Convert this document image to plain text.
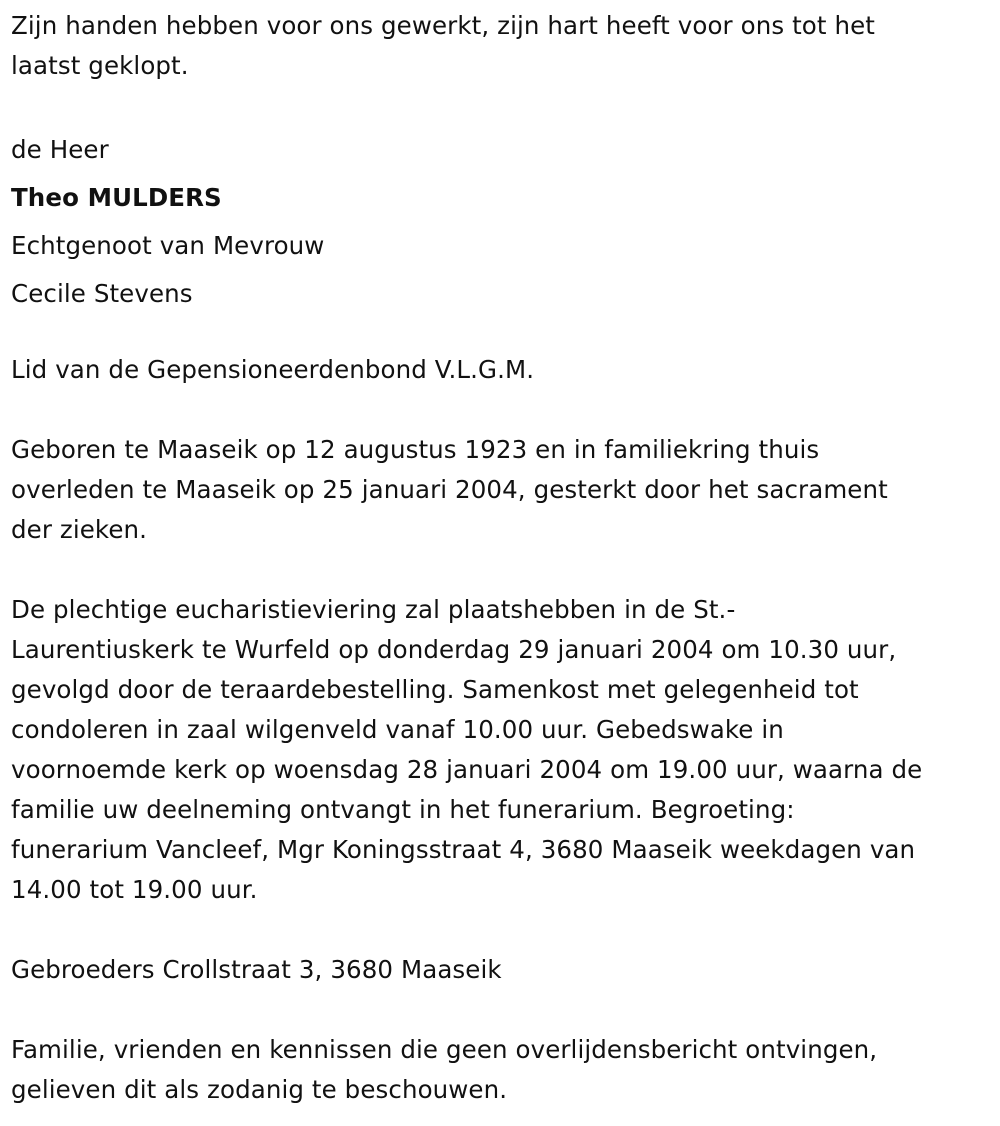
Zijn handen hebben voor ons gewerkt, zijn hart heeft voor ons tot het

laatst geklopt.

de Heer

Theo MULDERS

Echtgenoot van Mevrouw

Cecile Stevens

Lid van de Gepensioneerdenbond V.L.G.M.

Geboren te Maaseik op 12 augustus 1923 en in familiekring thuis

overleden te Maaseik op 25 januari 2004, gesterkt door het sacrament

der zieken.

De plechtige eucharistieviering zal plaatshebben in de St.-

Laurentiuskerk te Wurfeld op donderdag 29 januari 2004 om 10.30 uur,

gevolgd door de teraardebestelling. Samenkost met gelegenheid tot

condoleren in zaal wilgenveld vanaf 10.00 uur. Gebedswake in

voornoemde kerk op woensdag 28 januari 2004 om 19.00 uur, waarna de

familie uw deelneming ontvangt in het funerarium. Begroeting:

funerarium Vancleef, Mgr Koningsstraat 4, 3680 Maaseik weekdagen van

14.00 tot 19.00 uur.

Gebroeders Crollstraat 3, 3680 Maaseik

Familie, vrienden en kennissen die geen overlijdensbericht ontvingen,

gelieven dit als zodanig te beschouwen.
